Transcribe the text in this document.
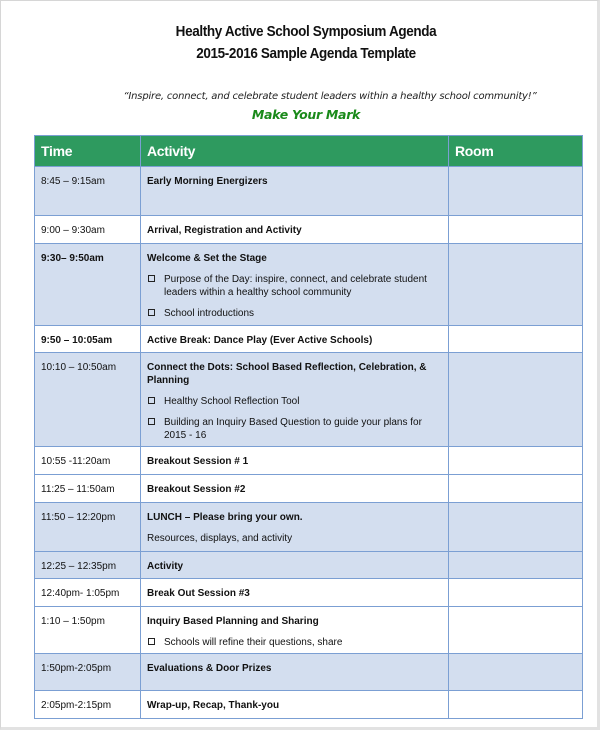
Healthy Active School Symposium Agenda
2015-2016 Sample Agenda Template
“Inspire, connect, and celebrate student leaders within a healthy school community!”
Make Your Mark
Time	Activity	Room
8:45 – 9:15am	Early Morning Energizers	

9:00 – 9:30am	Arrival, Registration and Activity	

9:30– 9:50am	Welcome & Set the Stage
Purpose of the Day: inspire, connect, and celebrate student leaders within a healthy school community
School introductions	

9:50 – 10:05am	Active Break: Dance Play (Ever Active Schools)	

10:10 – 10:50am	Connect the Dots: School Based Reflection, Celebration, & Planning
Healthy School Reflection Tool
Building an Inquiry Based Question to guide your plans for 2015 - 16	

10:55 -11:20am	Breakout Session # 1	

11:25 – 11:50am	Breakout Session #2	

11:50 – 12:20pm	LUNCH – Please bring your own.
Resources, displays, and activity	

12:25 – 12:35pm	Activity	

12:40pm- 1:05pm	Break Out Session #3	

1:10 – 1:50pm	Inquiry Based Planning and Sharing
Schools will refine their questions, share	

1:50pm-2:05pm	Evaluations & Door Prizes	

2:05pm-2:15pm	Wrap-up, Recap, Thank-you	
